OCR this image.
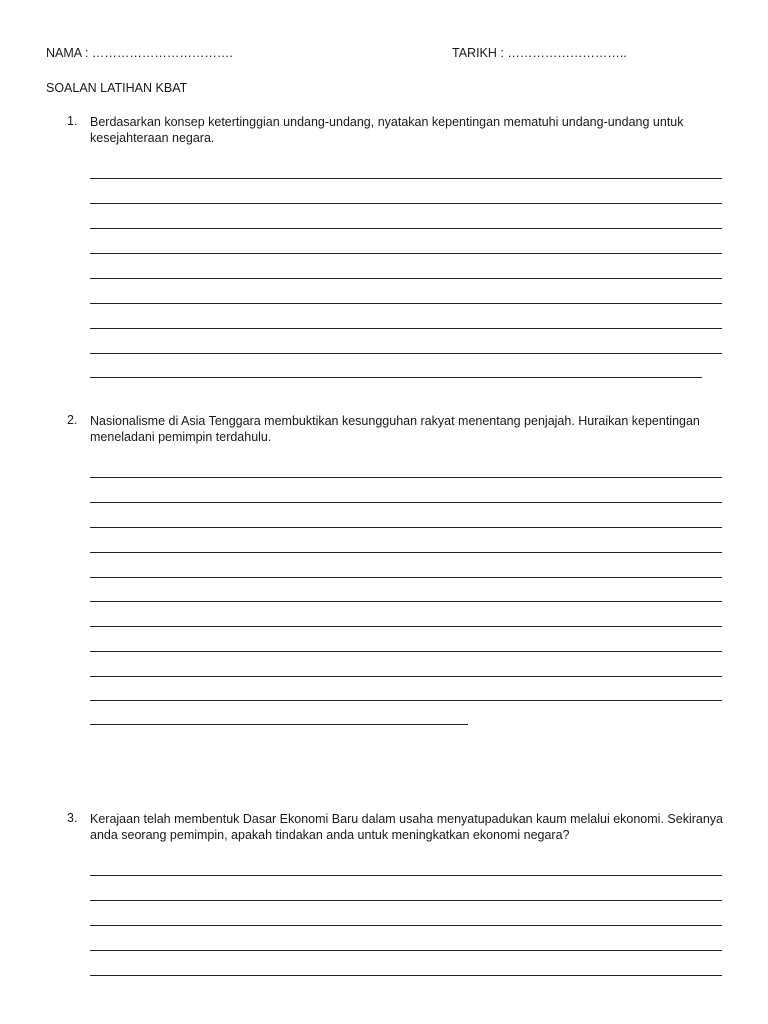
NAMA : …………………………….	TARIKH : ………………………..
SOALAN LATIHAN KBAT
1. Berdasarkan konsep ketertinggian undang-undang, nyatakan kepentingan mematuhi undang-undang untuk kesejahteraan negara.
2. Nasionalisme di Asia Tenggara membuktikan kesungguhan rakyat menentang penjajah. Huraikan kepentingan meneladani pemimpin terdahulu.
3. Kerajaan telah membentuk Dasar Ekonomi Baru dalam usaha menyatupadukan kaum melalui ekonomi. Sekiranya anda seorang pemimpin, apakah tindakan anda untuk meningkatkan ekonomi negara?
